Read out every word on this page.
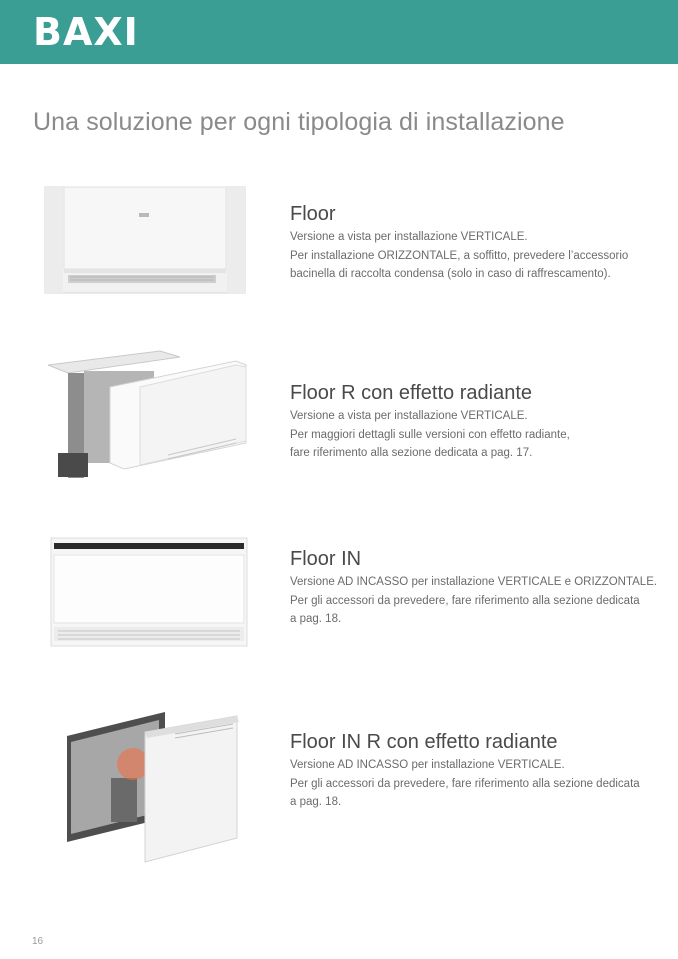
BAXI
Una soluzione per ogni tipologia di installazione
Floor
Versione a vista per installazione VERTICALE.
Per installazione ORIZZONTALE, a soffitto, prevedere l’accessorio
bacinella di raccolta condensa (solo in caso di raffrescamento).
Floor R con effetto radiante
Versione a vista per installazione VERTICALE.
Per maggiori dettagli sulle versioni con effetto radiante,
fare riferimento alla sezione dedicata a pag. 17.
Floor IN
Versione AD INCASSO per installazione VERTICALE e ORIZZONTALE.
Per gli accessori da prevedere, fare riferimento alla sezione dedicata
a pag. 18.
Floor IN R con effetto radiante
Versione AD INCASSO per installazione VERTICALE.
Per gli accessori da prevedere, fare riferimento alla sezione dedicata
a pag. 18.
16
